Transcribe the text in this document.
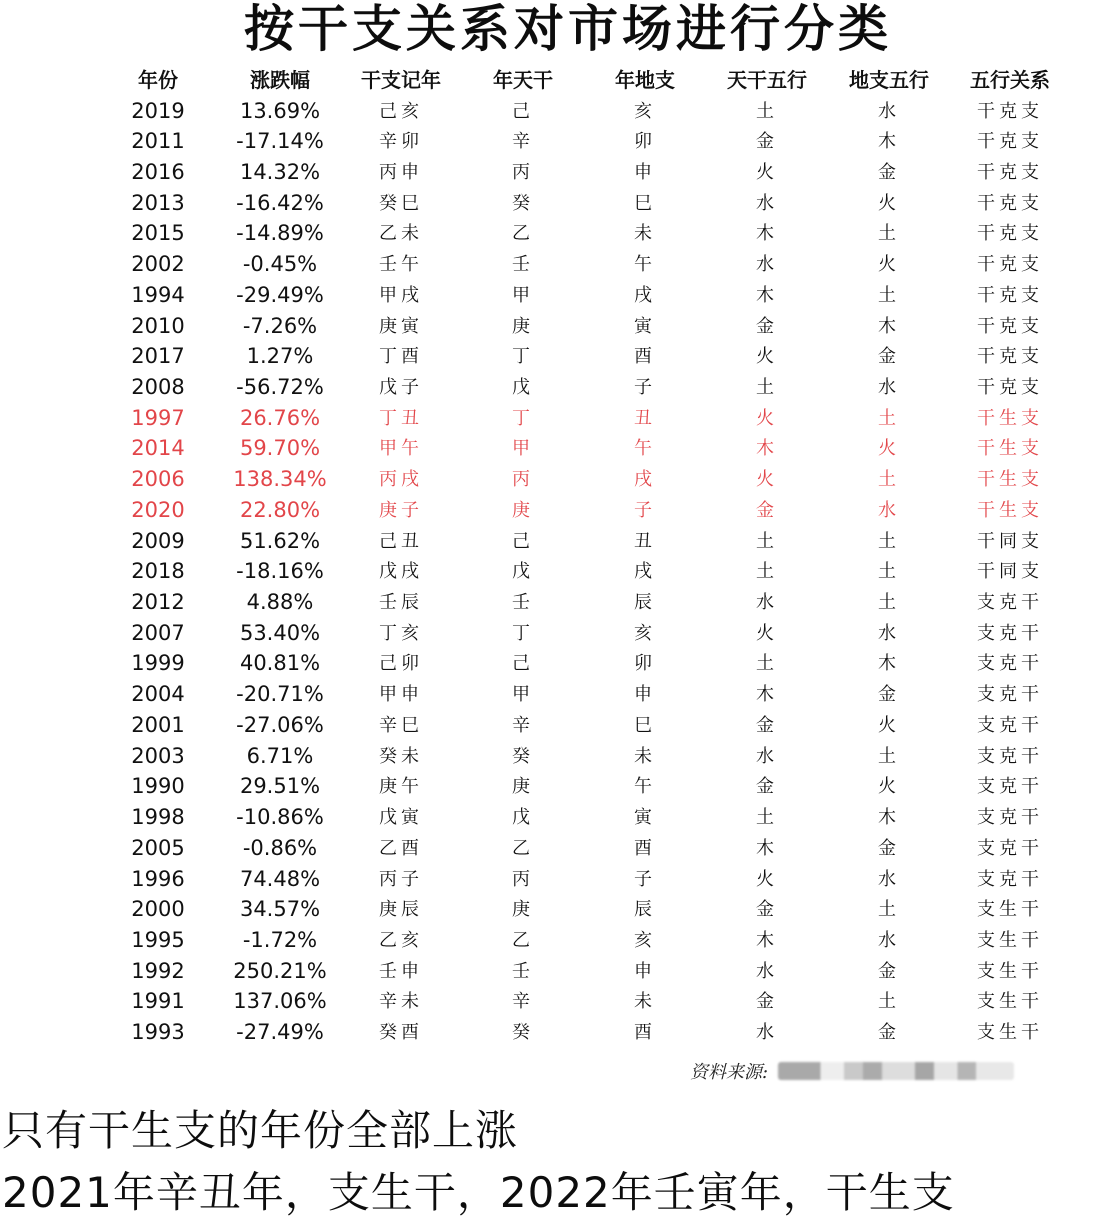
按干支关系对市场进行分类
年份	涨跌幅	干支记年	年天干	年地支	天干五行 地支五行 五行关系
2019	13.69%	己亥	己	亥	土	水	干克支
2011 -17.14%	辛卯	辛	卯	金	木	干克支
2016	14.32%	丙申	丙	申	火	金	干克支
2013 -16.42%	癸巳	癸	巳	水	火	干克支
2015 -14.89%	乙未	乙	未	木	土	干克支
2002	-0.45%	壬午	壬	午	水	火	干克支
1994 -29.49%	甲戌	甲	戌	木	土	干克支
2010	-7.26%	庚寅	庚	寅	金	木	干克支
2017	1.27%	丁酉	丁	酉	火	金	干克支
2008 -56.72%	戊子	戊	子	土	水	干克支
1997	26.76%	丁丑	丁	丑	火	土	干生支
2014	59.70%	甲午	甲	午	木	火	干生支
2006 138.34%	丙戌	丙	戌	火	土	干生支
2020	22.80%	庚子	庚	子	金	水	干生支
2009	51.62%	己丑	己	丑	土	土	干同支
2018 -18.16%	戊戌	戊	戌	土	土	干同支
2012	4.88%	壬辰	壬	辰	水	土	支克干
2007	53.40%	丁亥	丁	亥	火	水	支克干
1999	40.81%	己卯	己	卯	土	木	支克干
2004 -20.71%	甲申	甲	申	木	金	支克干
2001 -27.06%	辛巳	辛	巳	金	火	支克干
2003	6.71%	癸未	癸	未	水	土	支克干
1990	29.51%	庚午	庚	午	金	火	支克干
1998 -10.86%	戊寅	戊	寅	土	木	支克干
2005	-0.86%	乙酉	乙	酉	木	金	支克干
1996	74.48%	丙子	丙	子	火	水	支克干
2000	34.57%	庚辰	庚	辰	金	土	支生干
1995	-1.72%	乙亥	乙	亥	木	水	支生干
1992 250.21%	壬申	壬	申	水	金	支生干
1991 137.06%	辛未	辛	未	金	土	支生干
1993 -27.49%	癸酉	癸	酉	水	金	支生干
资料来源:
只有干生支的年份全部上涨
2021年辛丑年，支生干，2022年壬寅年，干生支
